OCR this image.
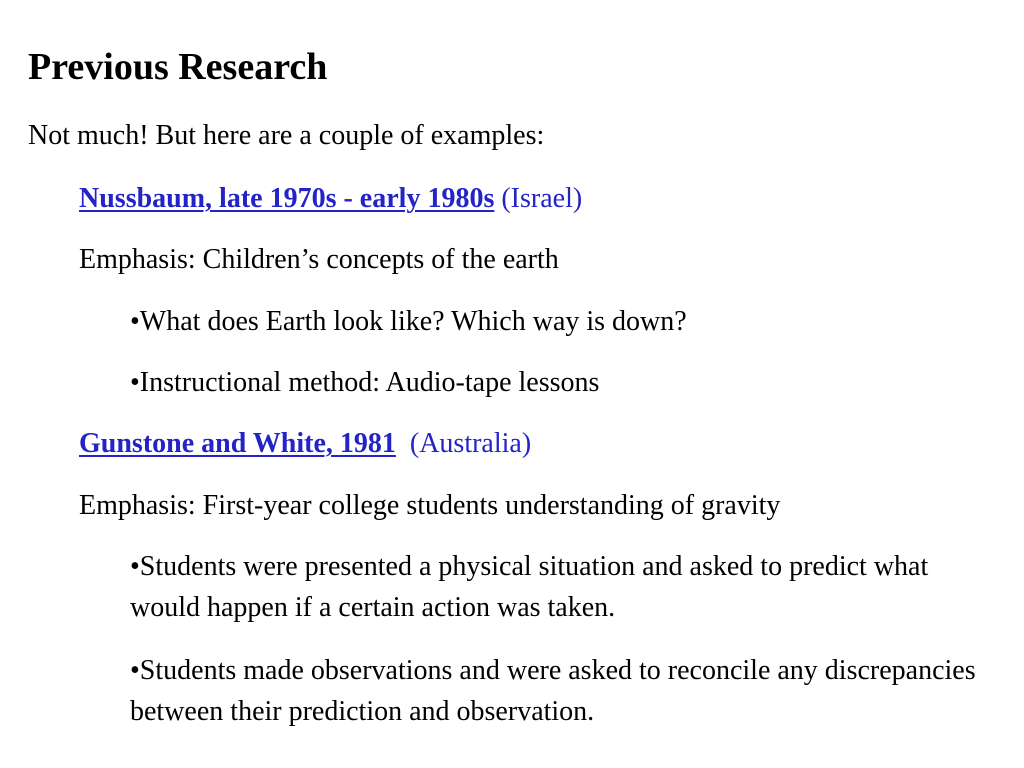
Previous Research
Not much! But here are a couple of examples:
Nussbaum, late 1970s - early 1980s (Israel)
Emphasis: Children’s concepts of the earth
•What does Earth look like? Which way is down?
•Instructional method: Audio-tape lessons
Gunstone and White, 1981 (Australia)
Emphasis: First-year college students understanding of gravity
•Students were presented a physical situation and asked to predict what would happen if a certain action was taken.
•Students made observations and were asked to reconcile any discrepancies between their prediction and observation.
